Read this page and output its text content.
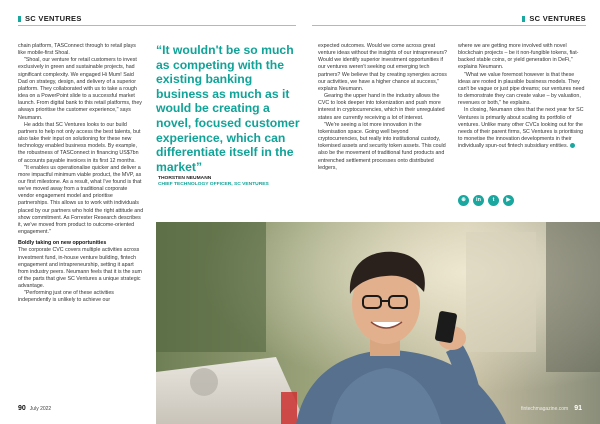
SC VENTURES	SC VENTURES

chain platform, TASConnect through to retail plays like mobile-first Shoal.

"Shoal, our venture for retail customers to invest exclusively in green and sustainable projects, had significant complexity. We engaged Hi Mum! Said Dad on strategy, design, and delivery of a superior platform. They collaborated with us to take a rough idea on a PowerPoint slide to a successful market launch. From digital bank to this retail platforms, they always prioritise the customer experience," says Neumann.

He adds that SC Ventures looks to our build partners to help not only access the best talents, but also take their input on solutioning for these new technology enabled business models. By example, the robustness of TASConnect in financing US$7bn of accounts payable invoices in its first 12 months.

"It enables us operationalise quicker and deliver a more impactful minimum viable product, the MVP, as our first milestone. As a result, what I've found is that we've moved away from a traditional corporate vendor engagement model and prioritise partnerships. This allows us to work with individuals placed by our partners who hold the right attitude and show commitment. As Forrester Research describes it, we've moved from product to outcome-oriented engagement."

Boldly taking on new opportunities

The corporate CVC covers multiple activities across investment fund, in-house venture building, fintech engagement and intrapreneurship, setting it apart from industry peers. Neumann feels that it is the sum of the parts that give SC Ventures a unique strategic advantage.

"Performing just one of these activities independently is unlikely to achieve our

“It wouldn't be so much as competing with the existing banking business as much as it would be creating a novel, focused customer experience, which can differentiate itself in the market”
THORSTEN NEUMANN
CHIEF TECHNOLOGY OFFICER, SC VENTURES

expected outcomes. Would we come across great venture ideas without the insights of our intrapreneurs? Would we identify superior investment opportunities if our ventures weren't seeking out emerging tech partners? We believe that by creating synergies across our activities, we have a higher chance at success," explains Neumann.

Gearing the upper hand in the industry allows the CVC to look deeper into tokenization and push more interest in cryptocurrencies, which in their unregulated states are currently receiving a lot of interest.

"We're seeing a lot more innovation in the tokenisation space. Going well beyond cryptocurrencies, but really into institutional custody, tokenised assets and security token assets. This could also be the movement of traditional fund products and entrenched settlement processes onto distributed ledgers,

where we are getting more involved with novel blockchain projects – be it non-fungible tokens, fiat-backed stable coins, or yield generation in DeFi," explains Neumann.

"What we value foremost however is that these ideas are rooted in plausible business models. They can't be vague or just pipe dreams; our ventures need to demonstrate they can create value – by valuation, revenues or both," he explains.

In closing, Neumann cites that the next year for SC Ventures is primarily about scaling its portfolio of ventures. Unlike many other CVCs looking out for the needs of their parent firms, SC Ventures is prioritising to monetise the innovation developments in their individually spun-out fintech subsidiary entities.

⊕	in	t	▶
90 July 2022	fintechmagazine.com 91
